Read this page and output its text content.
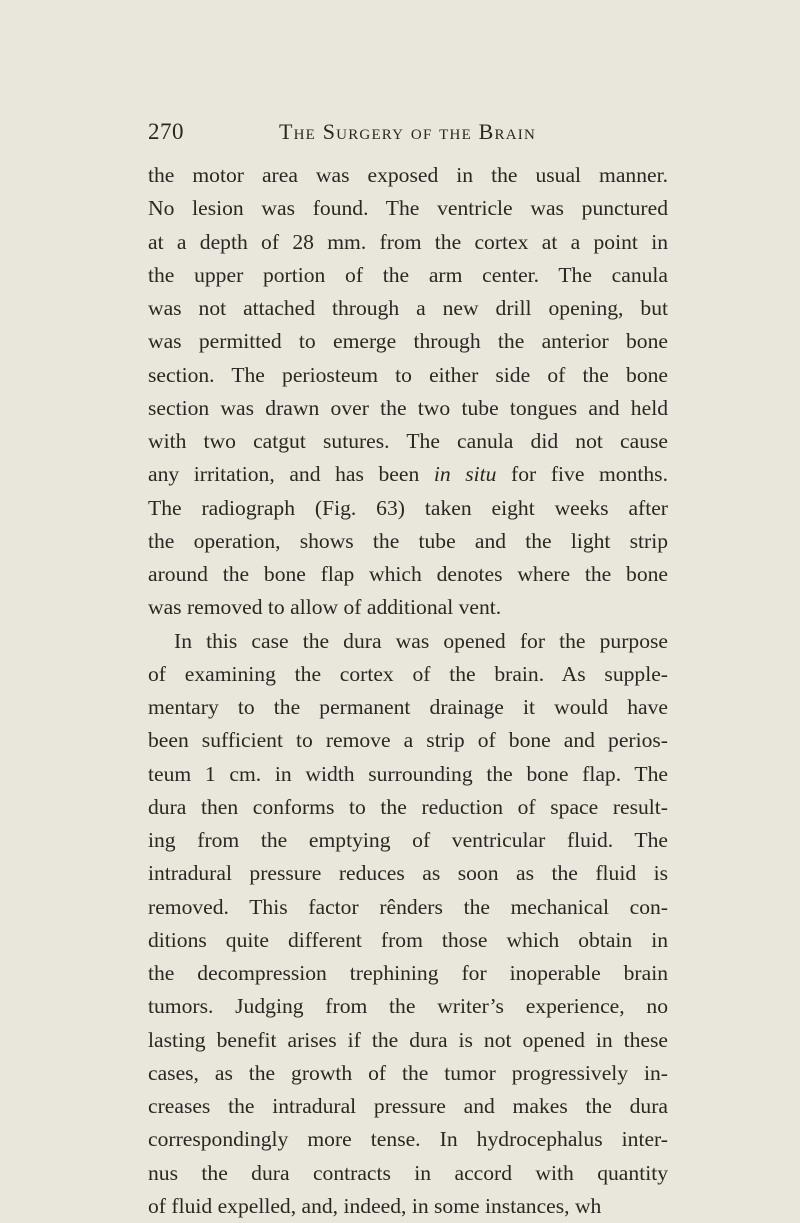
270	The Surgery of the Brain
the motor area was exposed in the usual manner.
No lesion was found. The ventricle was punctured
at a depth of 28 mm. from the cortex at a point in
the upper portion of the arm center. The canula
was not attached through a new drill opening, but
was permitted to emerge through the anterior bone
section. The periosteum to either side of the bone
section was drawn over the two tube tongues and held
with two catgut sutures. The canula did not cause
any irritation, and has been in situ for five months.
The radiograph (Fig. 63) taken eight weeks after
the operation, shows the tube and the light strip
around the bone flap which denotes where the bone
was removed to allow of additional vent.
In this case the dura was opened for the purpose
of examining the cortex of the brain. As supple-
mentary to the permanent drainage it would have
been sufficient to remove a strip of bone and perios-
teum 1 cm. in width surrounding the bone flap. The
dura then conforms to the reduction of space result-
ing from the emptying of ventricular fluid. The
intradural pressure reduces as soon as the fluid is
removed. This factor rênders the mechanical con-
ditions quite different from those which obtain in
the decompression trephining for inoperable brain
tumors. Judging from the writer’s experience, no
lasting benefit arises if the dura is not opened in these
cases, as the growth of the tumor progressively in-
creases the intradural pressure and makes the dura
correspondingly more tense. In hydrocephalus inter-
nus the dura contracts in accord with quantity
of fluid expelled, and, indeed, in some instances, wh
